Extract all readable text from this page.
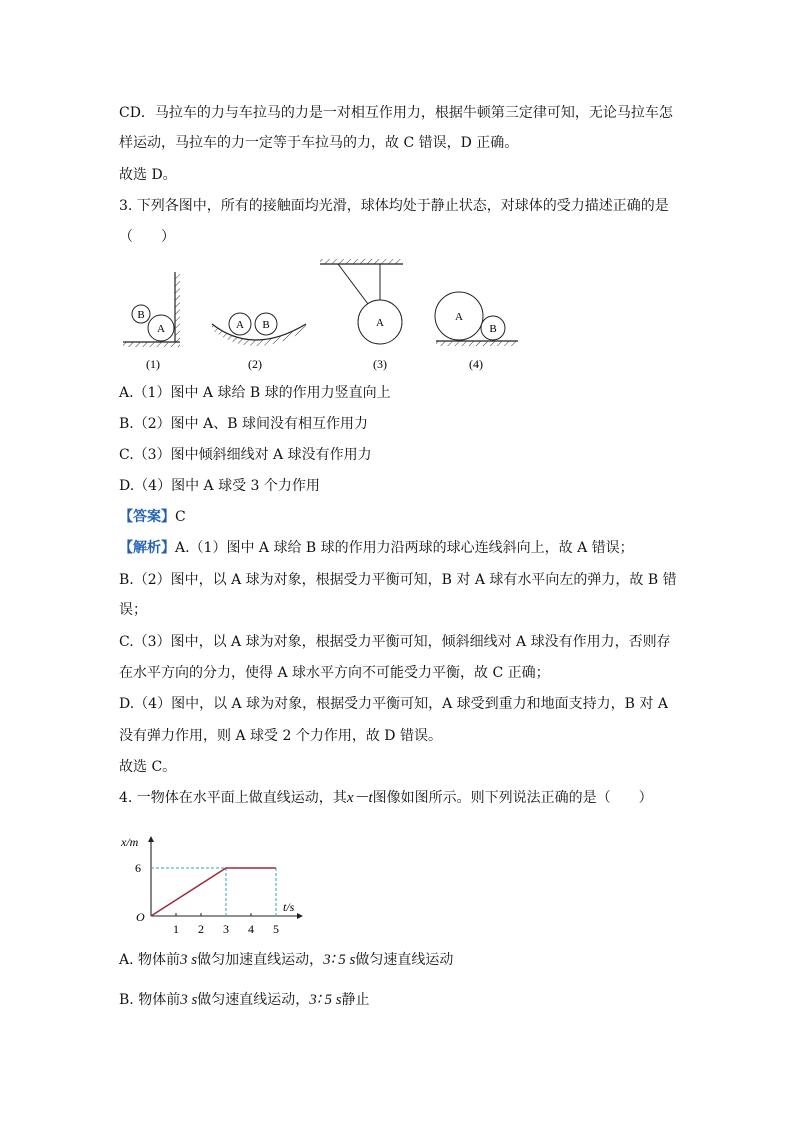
CD．马拉车的力与车拉马的力是一对相互作用力，根据牛顿第三定律可知，无论马拉车怎
样运动，马拉车的力一定等于车拉马的力，故 C 错误，D 正确。
故选 D。
3. 下列各图中，所有的接触面均光滑，球体均处于静止状态，对球体的受力描述正确的是
（　　）
A
B
(1)
A B
(2)
A
(3)
A
B
(4)
A.（1）图中 A 球给 B 球的作用力竖直向上
B.（2）图中 A、B 球间没有相互作用力
C.（3）图中倾斜细线对 A 球没有作用力
D.（4）图中 A 球受 3 个力作用
【答案】C
【解析】A.（1）图中 A 球给 B 球的作用力沿两球的球心连线斜向上，故 A 错误；
B.（2）图中，以 A 球为对象，根据受力平衡可知，B 对 A 球有水平向左的弹力，故 B 错
误；
C.（3）图中，以 A 球为对象，根据受力平衡可知，倾斜细线对 A 球没有作用力，否则存
在水平方向的分力，使得 A 球水平方向不可能受力平衡，故 C 正确；
D.（4）图中，以 A 球为对象，根据受力平衡可知，A 球受到重力和地面支持力，B 对 A
没有弹力作用，则 A 球受 2 个力作用，故 D 错误。
故选 C。
4. 一物体在水平面上做直线运动，其x－t图像如图所示。则下列说法正确的是（　　）
x/m
t/s
O
1 2 3 4 5
6
A. 物体前3 s做匀加速直线运动，3∶ 5 s做匀速直线运动
B. 物体前3 s做匀速直线运动，3∶ 5 s静止
